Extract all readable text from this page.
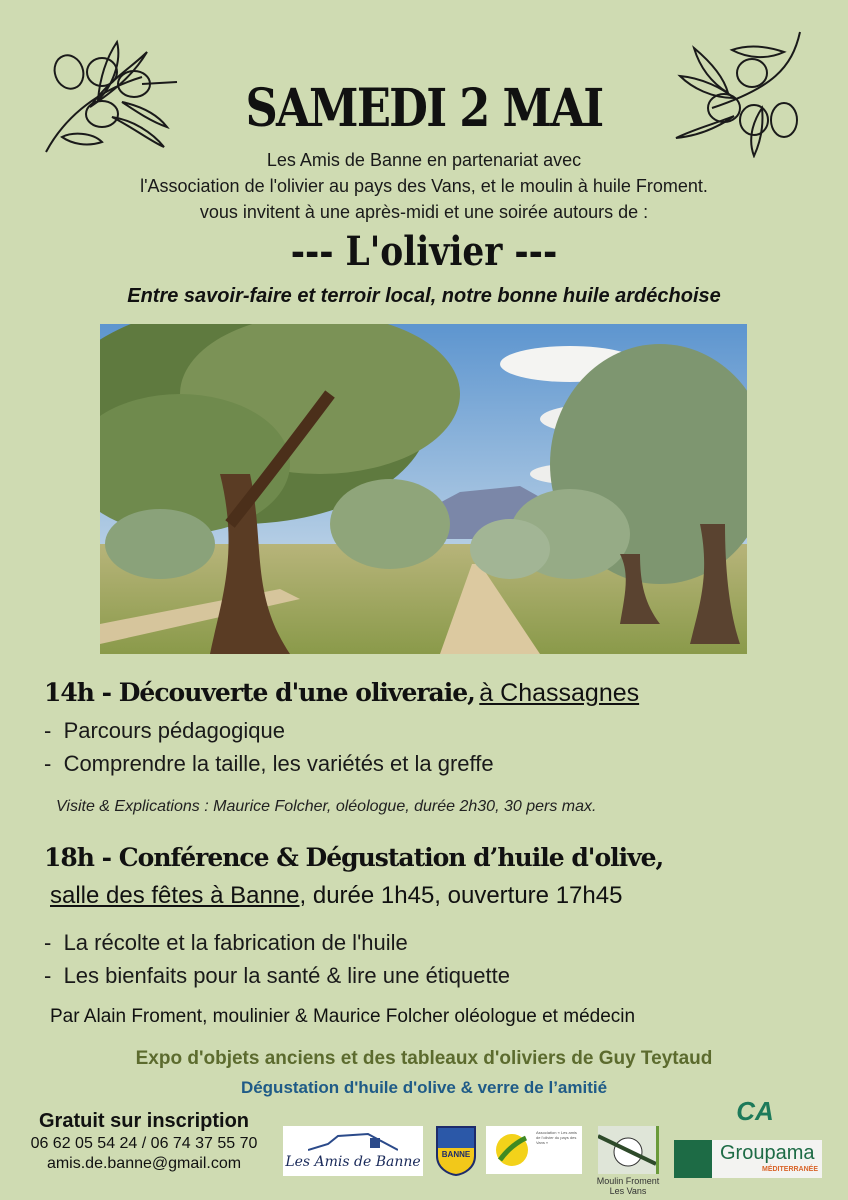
SAMEDI 2 MAI
Les Amis de Banne en partenariat avec
l'Association de l'olivier au pays des Vans, et le moulin à huile Froment.
vous invitent à une après-midi et une soirée autours de :
--- L'olivier ---
Entre savoir-faire et terroir local, notre bonne huile ardéchoise
14h - Découverte d'une oliveraie, à Chassagnes
-  Parcours pédagogique
-  Comprendre la taille, les variétés et la greffe
Visite & Explications : Maurice Folcher, oléologue, durée 2h30, 30 pers max.
18h - Conférence & Dégustation d’huile d'olive,
salle des fêtes à Banne, durée 1h45, ouverture 17h45
-  La récolte et la fabrication de l'huile
-  Les bienfaits pour la santé & lire une étiquette
Par Alain Froment, moulinier & Maurice Folcher oléologue et médecin
Expo d'objets anciens et des tableaux d'oliviers de Guy Teytaud
Dégustation d'huile d'olive & verre de l’amitié
Gratuit sur inscription
06 62 05 54 24 / 06 74 37 55 70
amis.de.banne@gmail.com	Les Amis de Banne	BANNE
Association « Les amis de l'olivier du pays des Vans »
Moulin Froment
Les Vans
CA
Groupama
MÉDITERRANÉE
